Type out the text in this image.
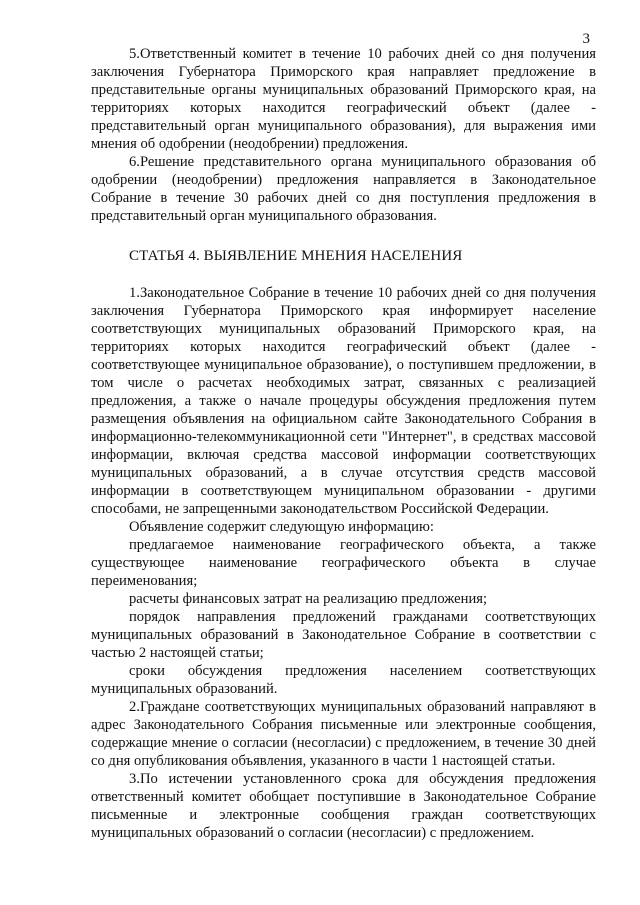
3

5.Ответственный комитет в течение 10 рабочих дней со дня получения заключения Губернатора Приморского края направляет предложение в представительные органы муниципальных образований Приморского края, на территориях которых находится географический объект (далее - представительный орган муниципального образования), для выражения ими мнения об одобрении (неодобрении) предложения.

6.Решение представительного органа муниципального образования об одобрении (неодобрении) предложения направляется в Законодательное Собрание в течение 30 рабочих дней со дня поступления предложения в представительный орган муниципального образования.

СТАТЬЯ 4. ВЫЯВЛЕНИЕ МНЕНИЯ НАСЕЛЕНИЯ

1.Законодательное Собрание в течение 10 рабочих дней со дня получения заключения Губернатора Приморского края информирует население соответствующих муниципальных образований Приморского края, на территориях которых находится географический объект (далее - соответствующее муниципальное образование), о поступившем предложении, в том числе о расчетах необходимых затрат, связанных с реализацией предложения, а также о начале процедуры обсуждения предложения путем размещения объявления на официальном сайте Законодательного Собрания в информационно-телекоммуникационной сети "Интернет", в средствах массовой информации, включая средства массовой информации соответствующих муниципальных образований, а в случае отсутствия средств массовой информации в соответствующем муниципальном образовании - другими способами, не запрещенными законодательством Российской Федерации.

Объявление содержит следующую информацию:

предлагаемое наименование географического объекта, а также существующее наименование географического объекта в случае переименования;

расчеты финансовых затрат на реализацию предложения;

порядок направления предложений гражданами соответствующих муниципальных образований в Законодательное Собрание в соответствии с частью 2 настоящей статьи;

сроки обсуждения предложения населением соответствующих муниципальных образований.

2.Граждане соответствующих муниципальных образований направляют в адрес Законодательного Собрания письменные или электронные сообщения, содержащие мнение о согласии (несогласии) с предложением, в течение 30 дней со дня опубликования объявления, указанного в части 1 настоящей статьи.

3.По истечении установленного срока для обсуждения предложения ответственный комитет обобщает поступившие в Законодательное Собрание письменные и электронные сообщения граждан соответствующих муниципальных образований о согласии (несогласии) с предложением.
